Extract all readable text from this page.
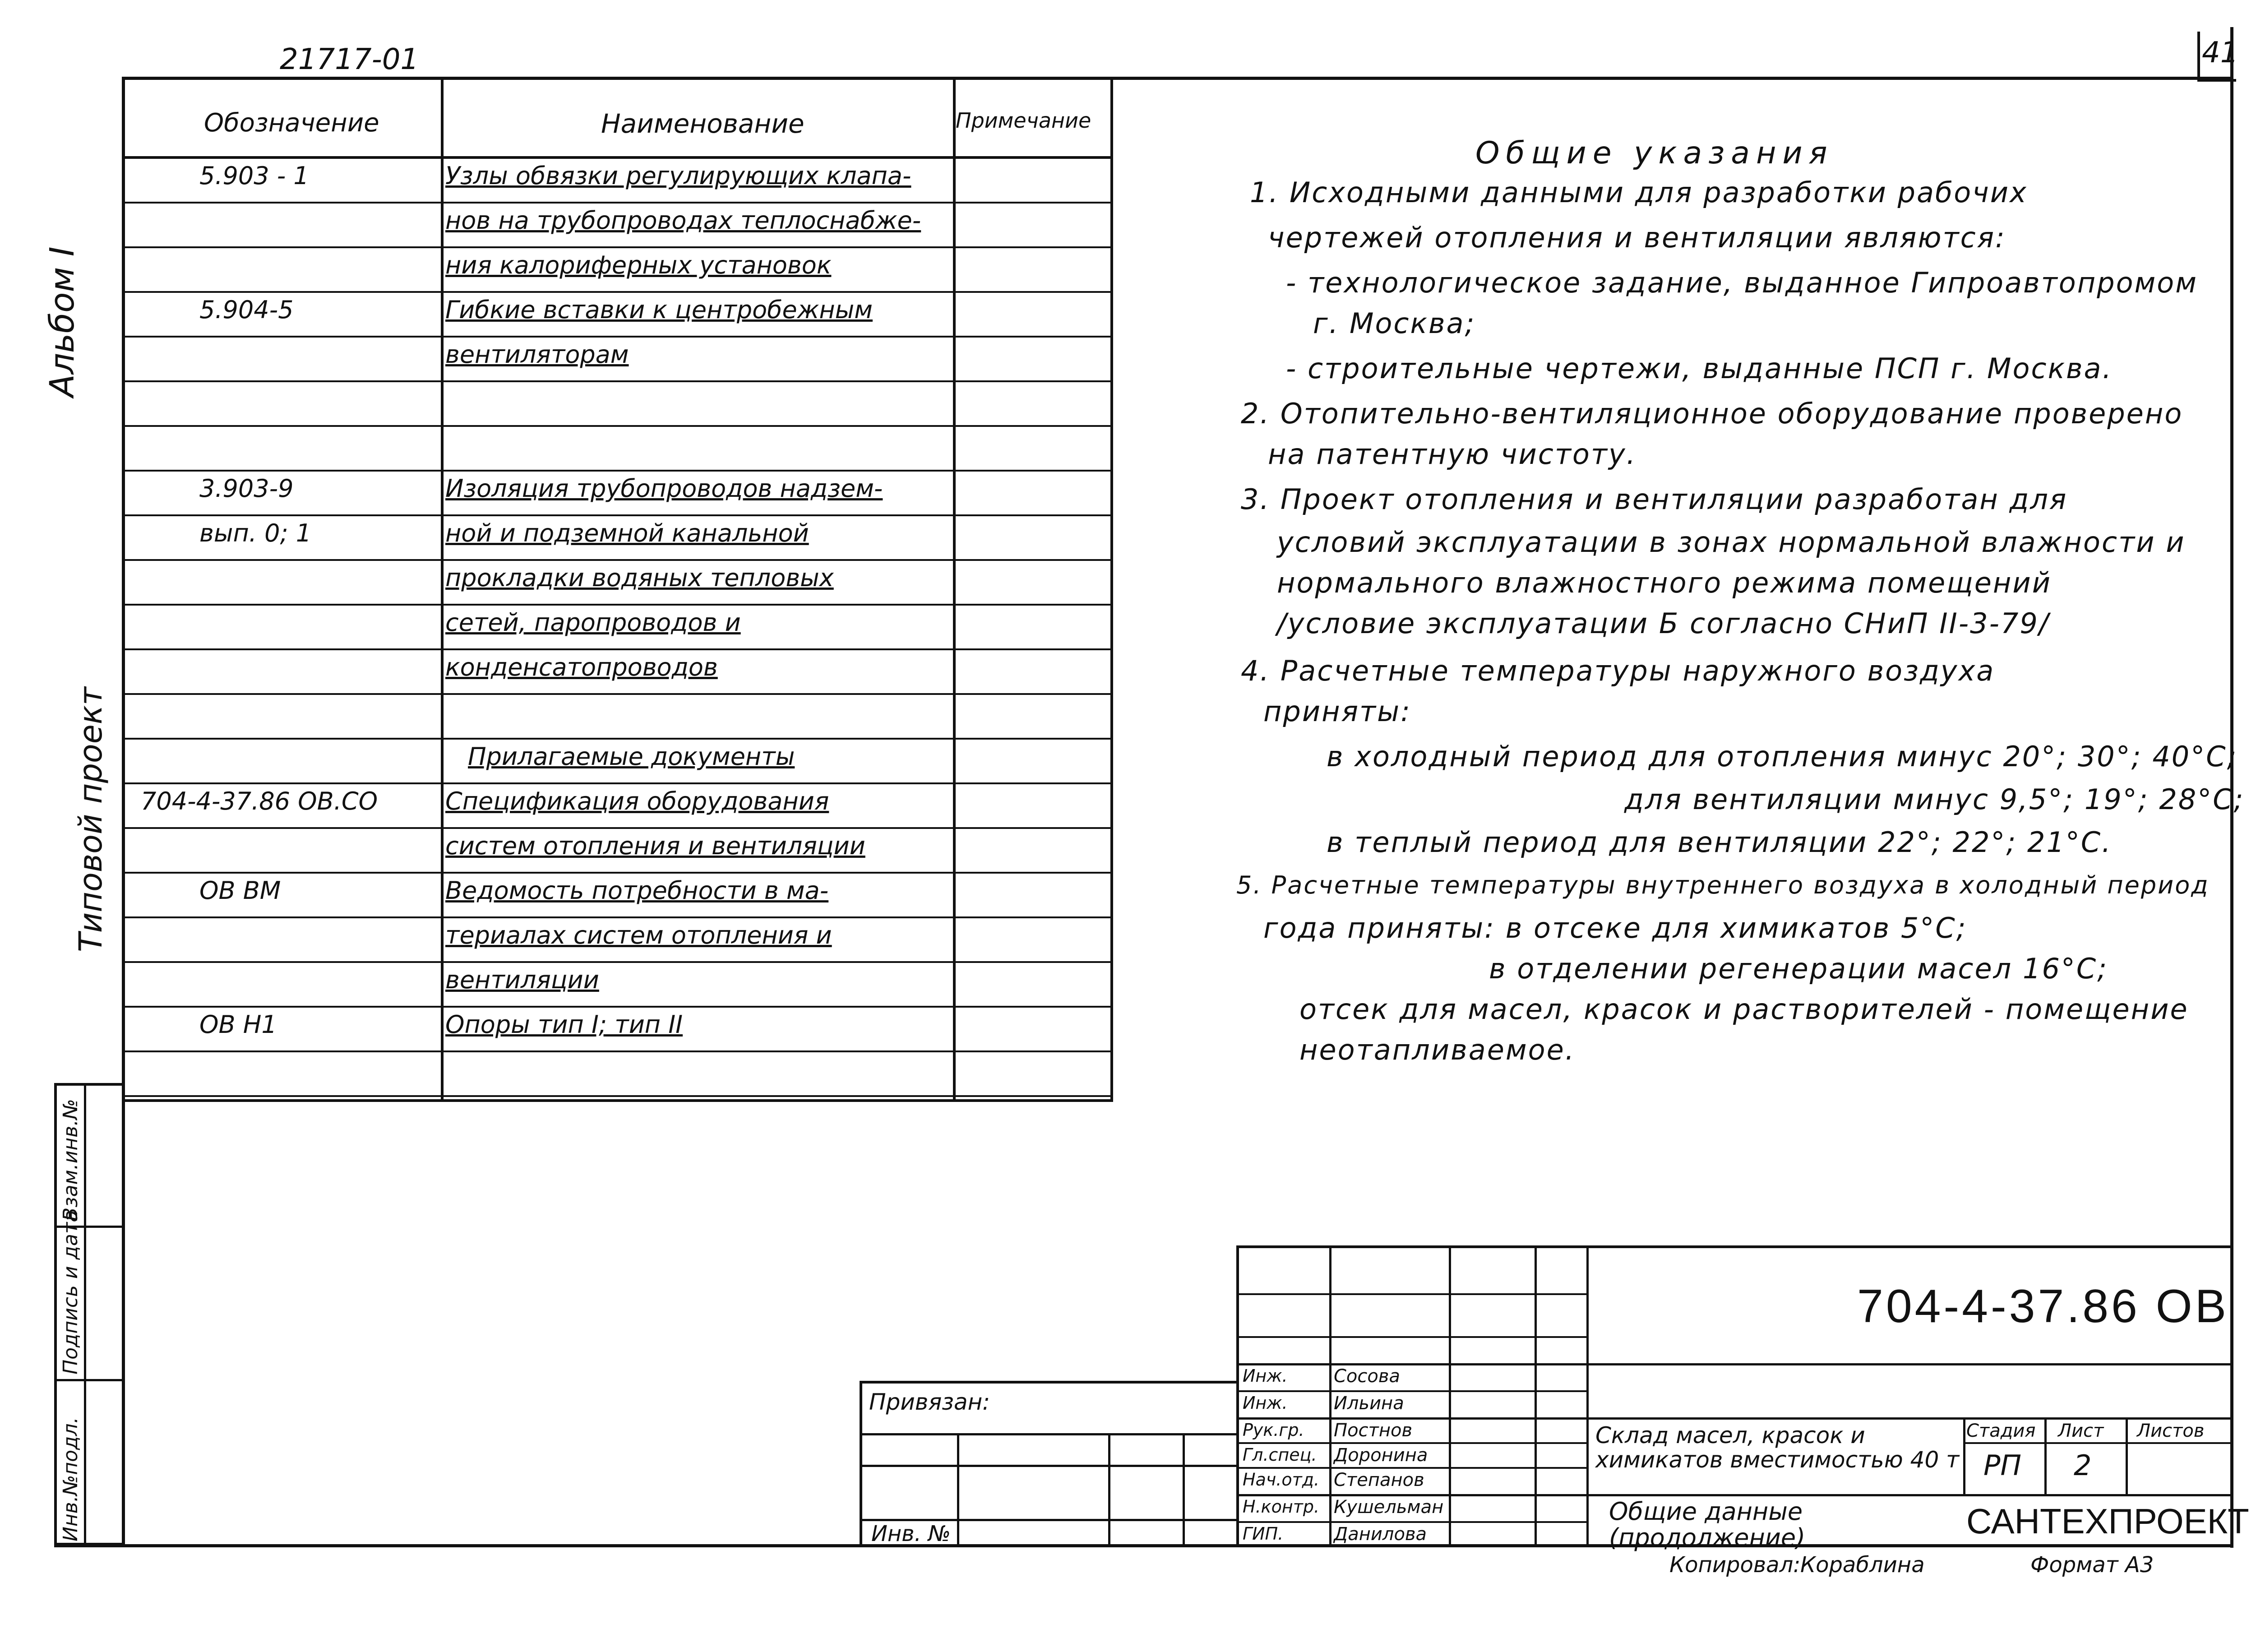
21717-01	41
Альбом I
Типовой проект
Инв.№подл.
Подпись и дата
Взам.инв.№
Обозначение	Наименование	Примечание
5.903 - 1	Узлы обвязки регулирующих клапа-
нов на трубопроводах теплоснабже-
ния калориферных установок
5.904-5	Гибкие вставки к центробежным
вентиляторам
3.903-9	Изоляция трубопроводов надзем-
вып. 0; 1	ной и подземной канальной
прокладки водяных тепловых
сетей, паропроводов и
конденсатопроводов
Прилагаемые документы
704-4-37.86 ОВ.СО	Спецификация оборудования
систем отопления и вентиляции
ОВ ВМ	Ведомость потребности в ма-
териалах систем отопления и
вентиляции
ОВ Н1	Опоры тип I; тип II
Общие указания
1. Исходными данными для разработки рабочих
чертежей отопления и вентиляции являются:
- технологическое задание, выданное Гипроавтопромом
г. Москва;
- строительные чертежи, выданные ПСП г. Москва.
2. Отопительно-вентиляционное оборудование проверено
на патентную чистоту.
3. Проект отопления и вентиляции разработан для
условий эксплуатации в зонах нормальной влажности и
нормального влажностного режима помещений
/условие эксплуатации Б согласно СНиП II-3-79/
4. Расчетные температуры наружного воздуха
приняты:
в холодный период для отопления минус 20°; 30°; 40°С;
для вентиляции минус 9,5°; 19°; 28°С;
в теплый период для вентиляции 22°; 22°; 21°С.
5. Расчетные температуры внутреннего воздуха в холодный период
года приняты: в отсеке для химикатов 5°С;
в отделении регенерации масел 16°С;
отсек для масел, красок и растворителей - помещение
неотапливаемое.
704-4-37.86 ОВ
Склад масел, красок и химикатов вместимостью 40 т
Стадия Лист Листов
РП 2
Общие данные (продолжение)	САНТЕХПРОЕКТ
Инж.	Сосова
Инж.	Ильина
Рук.гр. Постнов
Гл.спец. Доронина
Нач.отд. Степанов
Н.контр. Кушельман
ГИП.	Данилова
Привязан:
Инв. №
Копировал: Кораблина	Формат А3
